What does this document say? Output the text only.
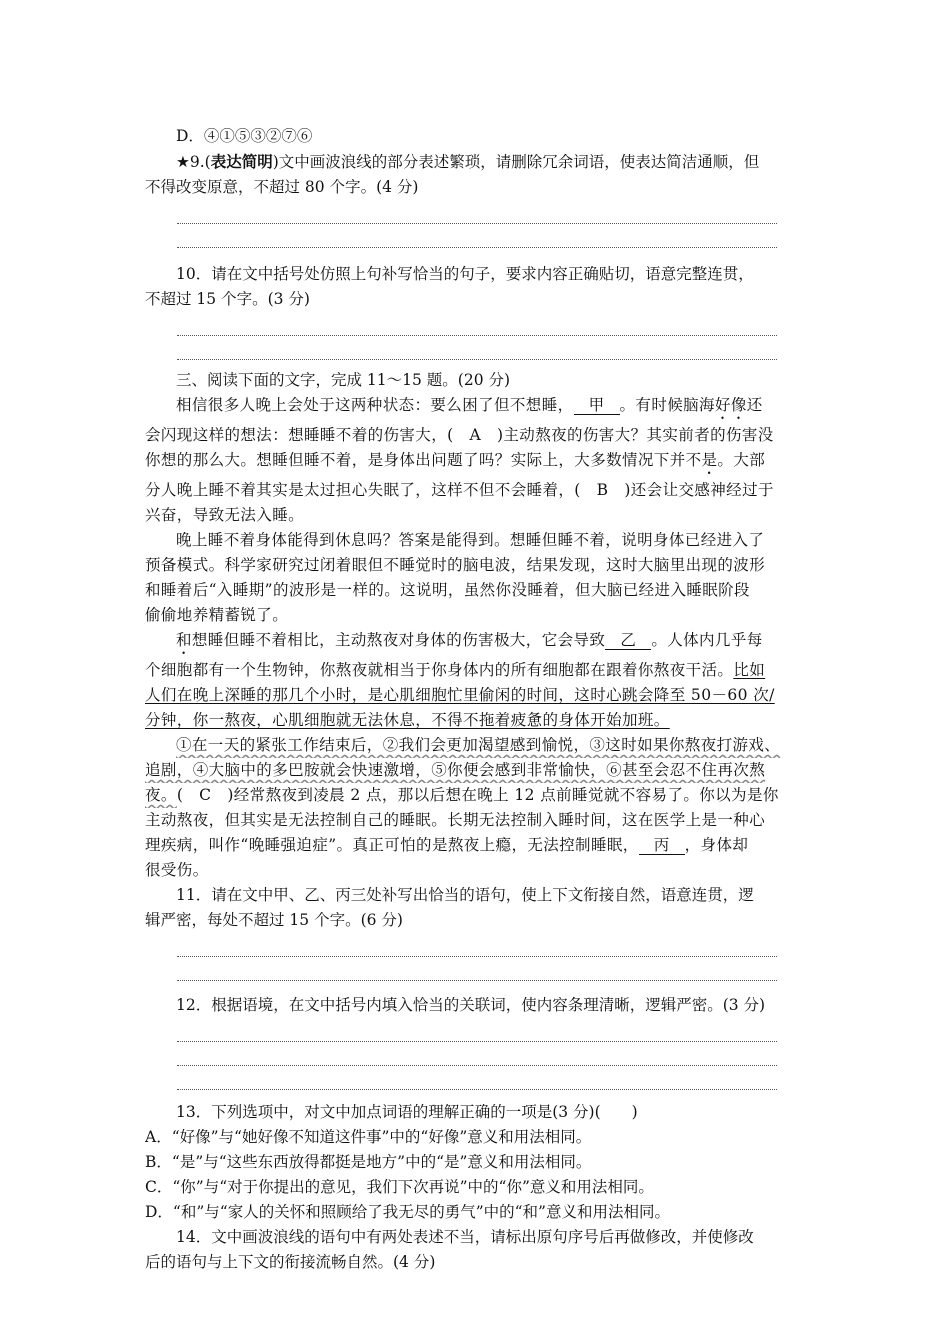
D．④①⑤③②⑦⑥
★9.(表达简明)文中画波浪线的部分表述繁琐，请删除冗余词语，使表达简洁通顺，但
不得改变原意，不超过 80 个字。(4 分)
10．请在文中括号处仿照上句补写恰当的句子，要求内容正确贴切，语意完整连贯，
不超过 15 个字。(3 分)
三、阅读下面的文字，完成 11～15 题。(20 分)
相信很多人晚上会处于这两种状态：要么困了但不想睡， 甲 。有时候脑海好像还
会闪现这样的想法：想睡睡不着的伤害大，(　A　)主动熬夜的伤害大？其实前者的伤害没
你想的那么大。想睡但睡不着，是身体出问题了吗？实际上，大多数情况下并不是。大部
分人晚上睡不着其实是太过担心失眠了，这样不但不会睡着，(　B　)还会让交感神经过于
兴奋，导致无法入睡。
晚上睡不着身体能得到休息吗？答案是能得到。想睡但睡不着，说明身体已经进入了
预备模式。科学家研究过闭着眼但不睡觉时的脑电波，结果发现，这时大脑里出现的波形
和睡着后“入睡期”的波形是一样的。这说明，虽然你没睡着，但大脑已经进入睡眠阶段
偷偷地养精蓄锐了。
和想睡但睡不着相比，主动熬夜对身体的伤害极大，它会导致 乙 。人体内几乎每
个细胞都有一个生物钟，你熬夜就相当于你身体内的所有细胞都在跟着你熬夜干活。比如
人们在晚上深睡的那几个小时，是心肌细胞忙里偷闲的时间，这时心跳会降至 50－60 次/
分钟，你一熬夜，心肌细胞就无法休息，不得不拖着疲惫的身体开始加班。
①在一天的紧张工作结束后，②我们会更加渴望感到愉悦，③这时如果你熬夜打游戏、
追剧，④大脑中的多巴胺就会快速激增，⑤你便会感到非常愉快，⑥甚至会忍不住再次熬
夜。(　C　)经常熬夜到凌晨 2 点，那以后想在晚上 12 点前睡觉就不容易了。你以为是你
主动熬夜，但其实是无法控制自己的睡眠。长期无法控制入睡时间，这在医学上是一种心
理疾病，叫作“晚睡强迫症”。真正可怕的是熬夜上瘾，无法控制睡眠， 丙 ，身体却
很受伤。
11．请在文中甲、乙、丙三处补写出恰当的语句，使上下文衔接自然，语意连贯，逻
辑严密，每处不超过 15 个字。(6 分)
12．根据语境，在文中括号内填入恰当的关联词，使内容条理清晰，逻辑严密。(3 分)
13．下列选项中，对文中加点词语的理解正确的一项是(3 分)(　　)
A．“好像”与“她好像不知道这件事”中的“好像”意义和用法相同。
B．“是”与“这些东西放得都挺是地方”中的“是”意义和用法相同。
C．“你”与“对于你提出的意见，我们下次再说”中的“你”意义和用法相同。
D．“和”与“家人的关怀和照顾给了我无尽的勇气”中的“和”意义和用法相同。
14．文中画波浪线的语句中有两处表述不当，请标出原句序号后再做修改，并使修改
后的语句与上下文的衔接流畅自然。(4 分)
